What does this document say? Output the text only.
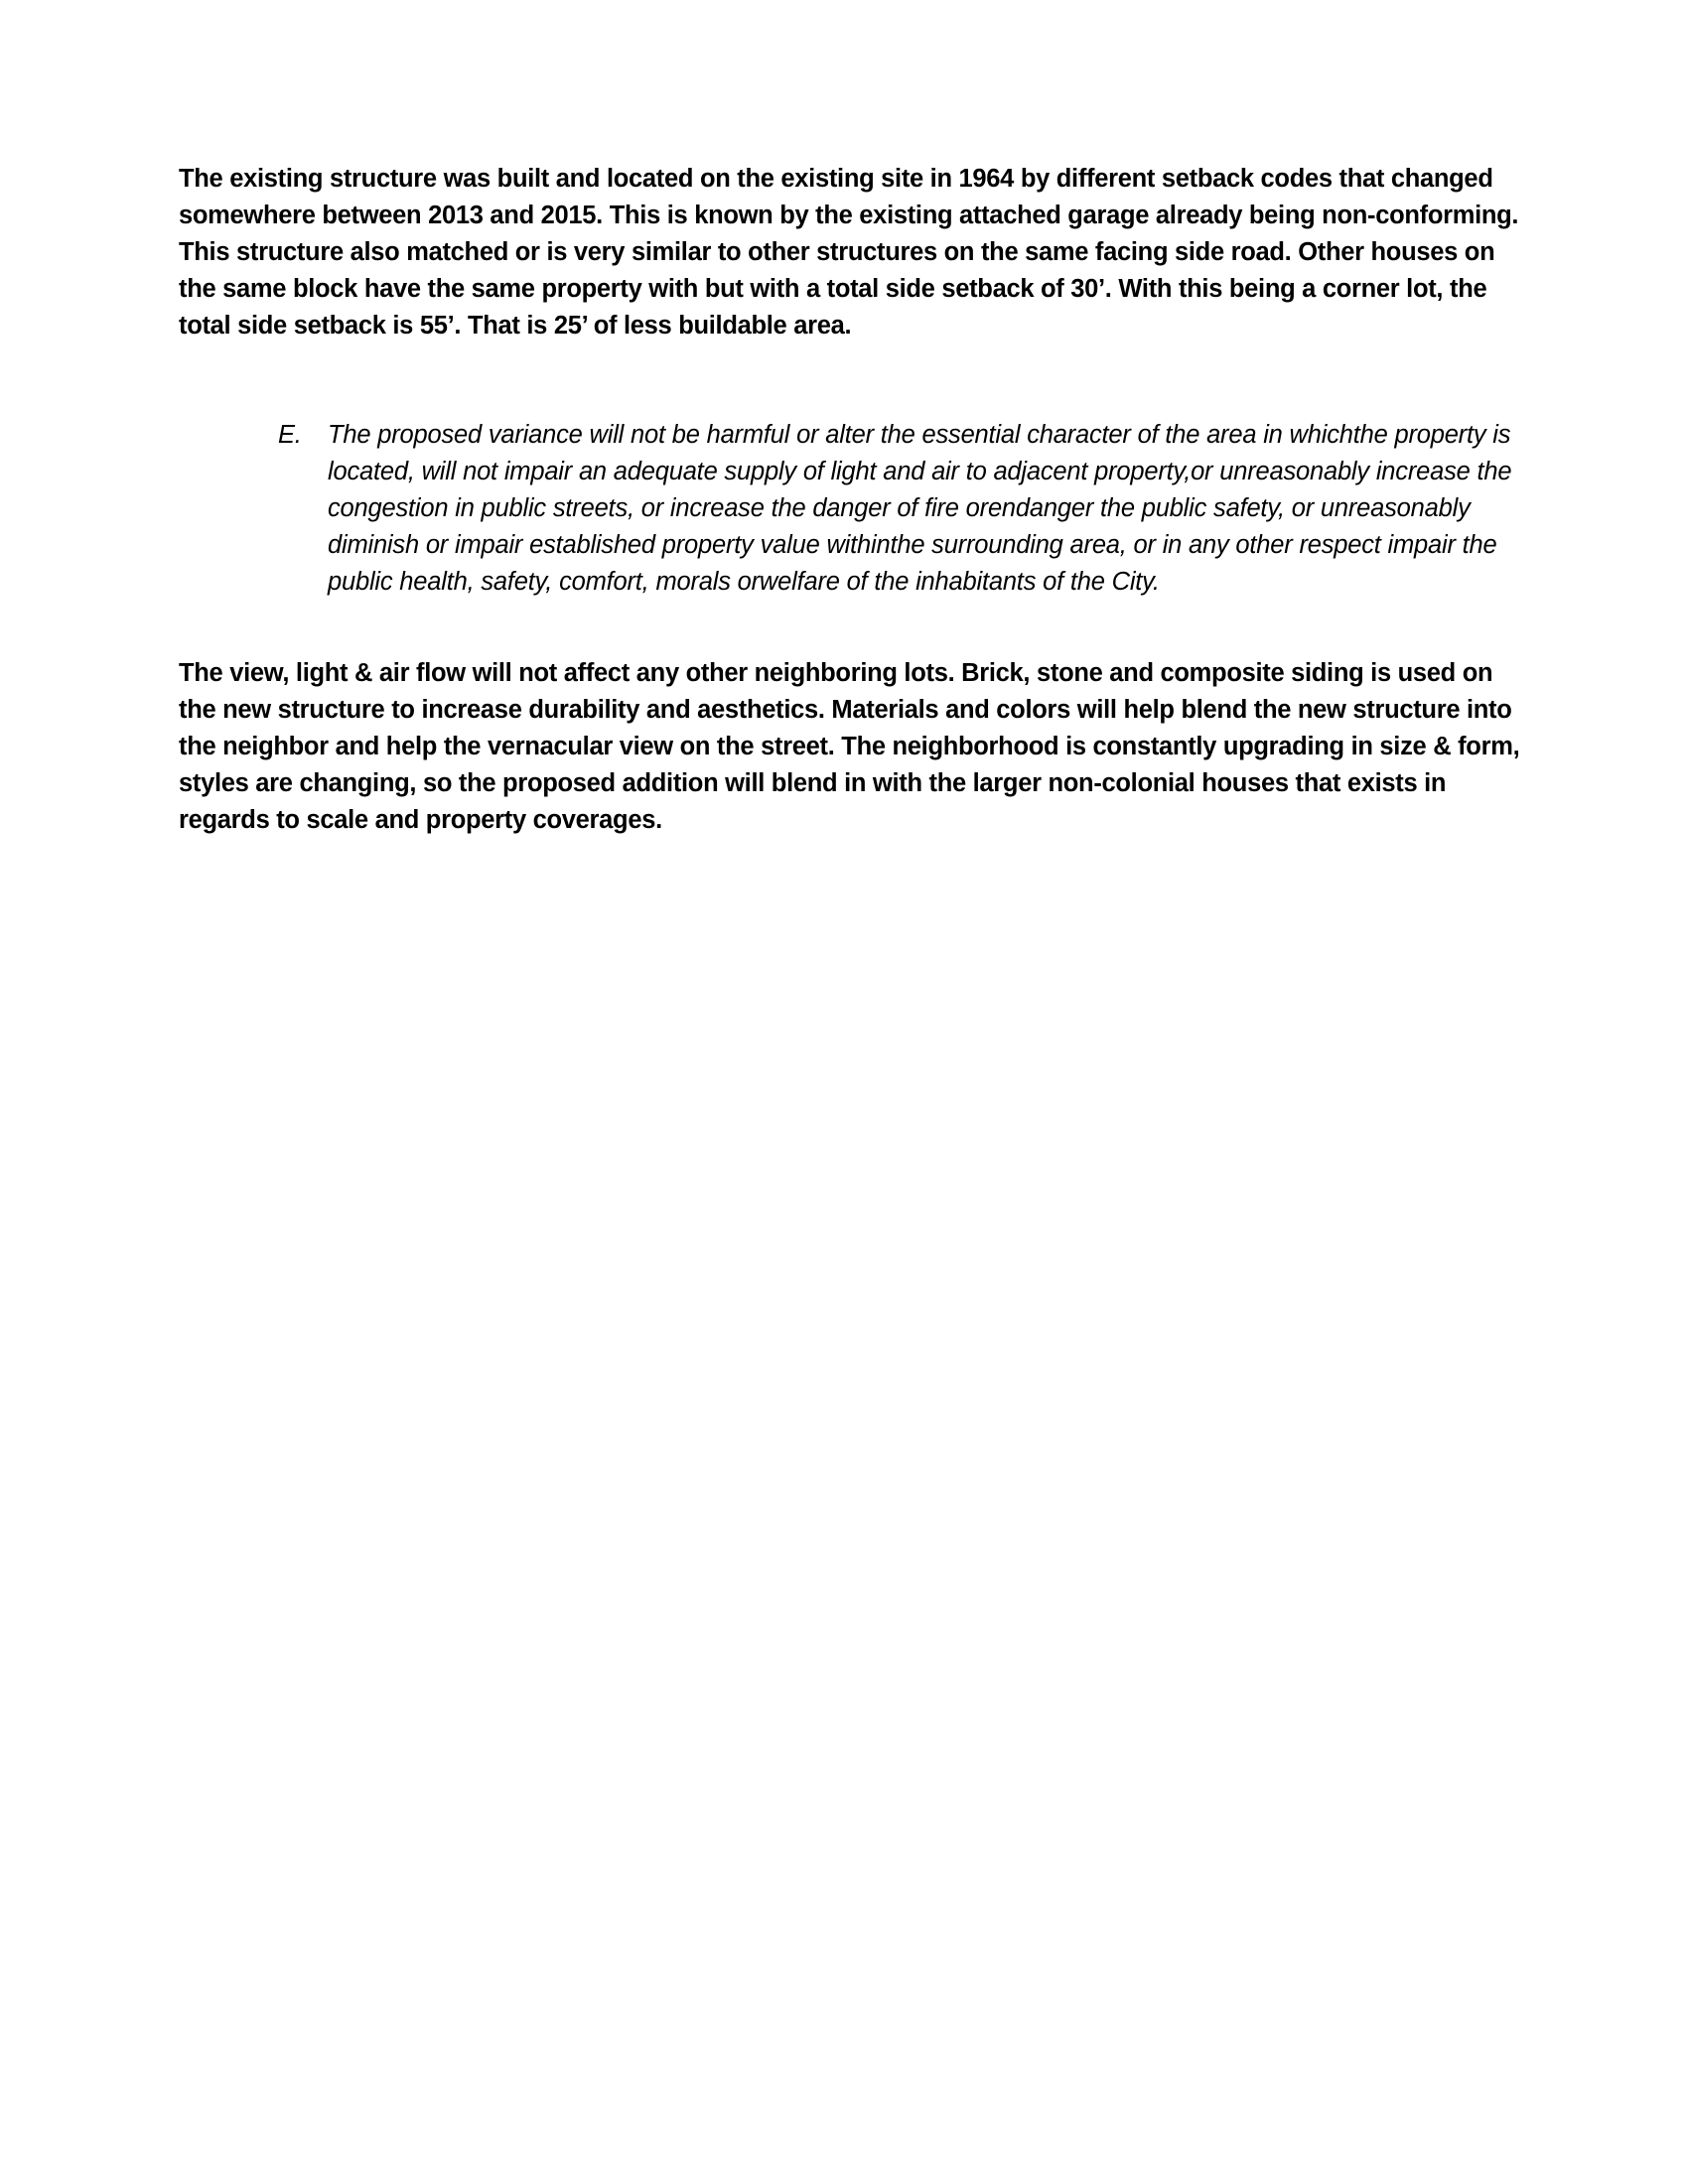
The existing structure was built and located on the existing site in 1964 by different setback codes that changed somewhere between 2013 and 2015. This is known by the existing attached garage already being non-conforming. This structure also matched or is very similar to other structures on the same facing side road. Other houses on the same block have the same property with but with a total side setback of 30’. With this being a corner lot, the total side setback is 55’. That is 25’ of less buildable area.

E.	The proposed variance will not be harmful or alter the essential character of the area in whichthe property is located, will not impair an adequate supply of light and air to adjacent property,or unreasonably increase the congestion in public streets, or increase the danger of fire orendanger the public safety, or unreasonably diminish or impair established property value withinthe surrounding area, or in any other respect impair the public health, safety, comfort, morals orwelfare of the inhabitants of the City.

The view, light & air flow will not affect any other neighboring lots. Brick, stone and composite siding is used on the new structure to increase durability and aesthetics. Materials and colors will help blend the new structure into the neighbor and help the vernacular view on the street. The neighborhood is constantly upgrading in size & form, styles are changing, so the proposed addition will blend in with the larger non-colonial houses that exists in regards to scale and property coverages.
